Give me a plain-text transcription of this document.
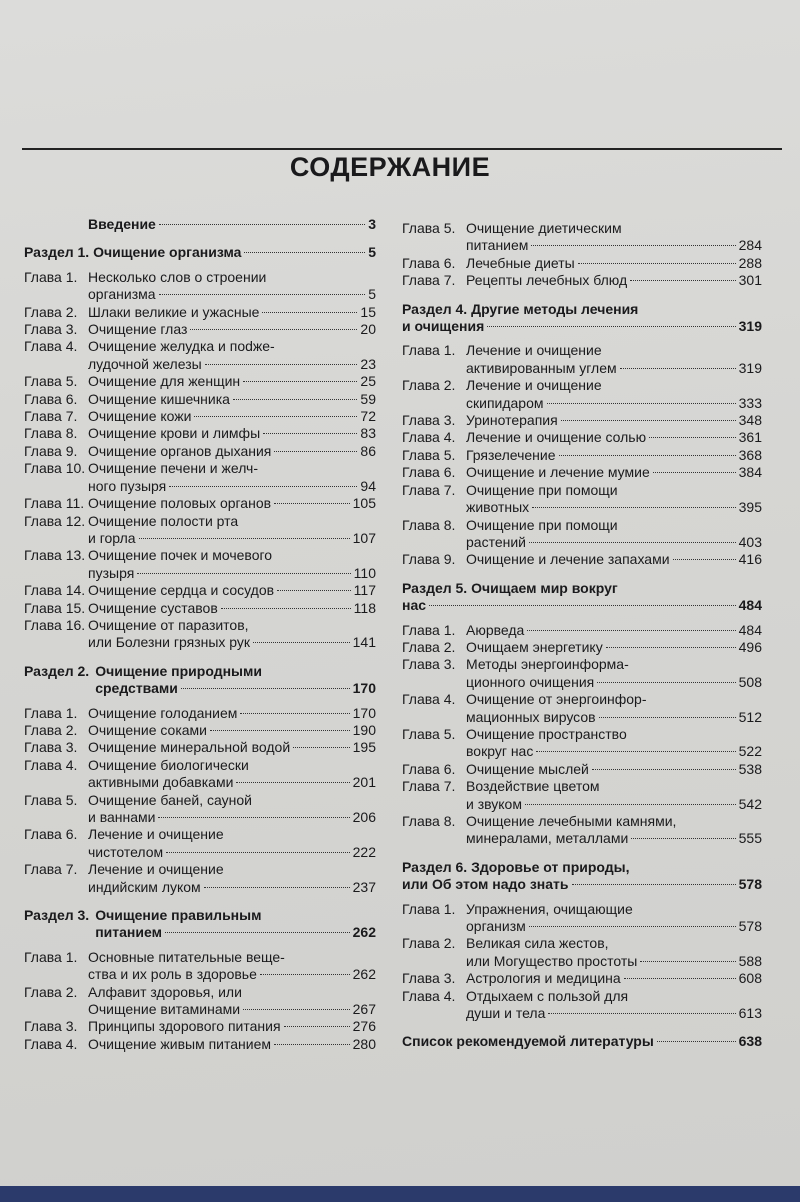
СОДЕРЖАНИЕ
Введение	3
Раздел 1. Очищение организма	5
Глава 1. Несколько слов о строении
организма	5
Глава 2. Шлаки великие и ужасные	15
Глава 3. Очищение глаз	20
Глава 4. Очищение желудка и поdже-
лудочной железы	23
Глава 5. Очищение для женщин	25
Глава 6. Очищение кишечника	59
Глава 7. Очищение кожи	72
Глава 8. Очищение крови и лимфы	83
Глава 9. Очищение органов дыхания	86
Глава 10. Очищение печени и желч-
ного пузыря	94
Глава 11. Очищение половых органов	105
Глава 12. Очищение полости рта
и горла	107
Глава 13. Очищение почек и мочевого
пузыря	110
Глава 14. Очищение сердца и сосудов	117
Глава 15. Очищение суставов	118
Глава 16. Очищение от паразитов,
или Болезни грязных рук	141
Раздел 2. Очищение природными
средствами	170
Глава 1. Очищение голоданием	170
Глава 2. Очищение соками	190
Глава 3. Очищение минеральной водой	195
Глава 4. Очищение биологически
активными добавками	201
Глава 5. Очищение баней, сауной
и ваннами	206
Глава 6. Лечение и очищение
чистотелом	222
Глава 7. Лечение и очищение
индийским луком	237
Раздел 3. Очищение правильным
питанием	262
Глава 1. Основные питательные веще-
ства и их роль в здоровье	262
Глава 2. Алфавит здоровья, или
Очищение витаминами	267
Глава 3. Принципы здорового питания	276
Глава 4. Очищение живым питанием	280
Глава 5. Очищение диетическим
питанием	284
Глава 6. Лечебные диеты	288
Глава 7. Рецепты лечебных блюд	301
Раздел 4. Другие методы лечения
и очищения	319
Глава 1. Лечение и очищение
активированным углем	319
Глава 2. Лечение и очищение
скипидаром	333
Глава 3. Уринотерапия	348
Глава 4. Лечение и очищение солью	361
Глава 5. Грязелечение	368
Глава 6. Очищение и лечение мумие	384
Глава 7. Очищение при помощи
животных	395
Глава 8. Очищение при помощи
растений	403
Глава 9. Очищение и лечение запахами	416
Раздел 5. Очищаем мир вокруг
нас	484
Глава 1. Аюрведа	484
Глава 2. Очищаем энергетику	496
Глава 3. Методы энергоинформа-
ционного очищения	508
Глава 4. Очищение от энергоинфор-
мационных вирусов	512
Глава 5. Очищение пространство
вокруг нас	522
Глава 6. Очищение мыслей	538
Глава 7. Воздействие цветом
и звуком	542
Глава 8. Очищение лечебными камнями,
минералами, металлами	555
Раздел 6. Здоровье от природы,
или Об этом надо знать	578
Глава 1. Упражнения, очищающие
организм	578
Глава 2. Великая сила жестов,
или Могущество простоты	588
Глава 3. Астрология и медицина	608
Глава 4. Отдыхаем с пользой для
души и тела	613
Список рекомендуемой литературы	638
